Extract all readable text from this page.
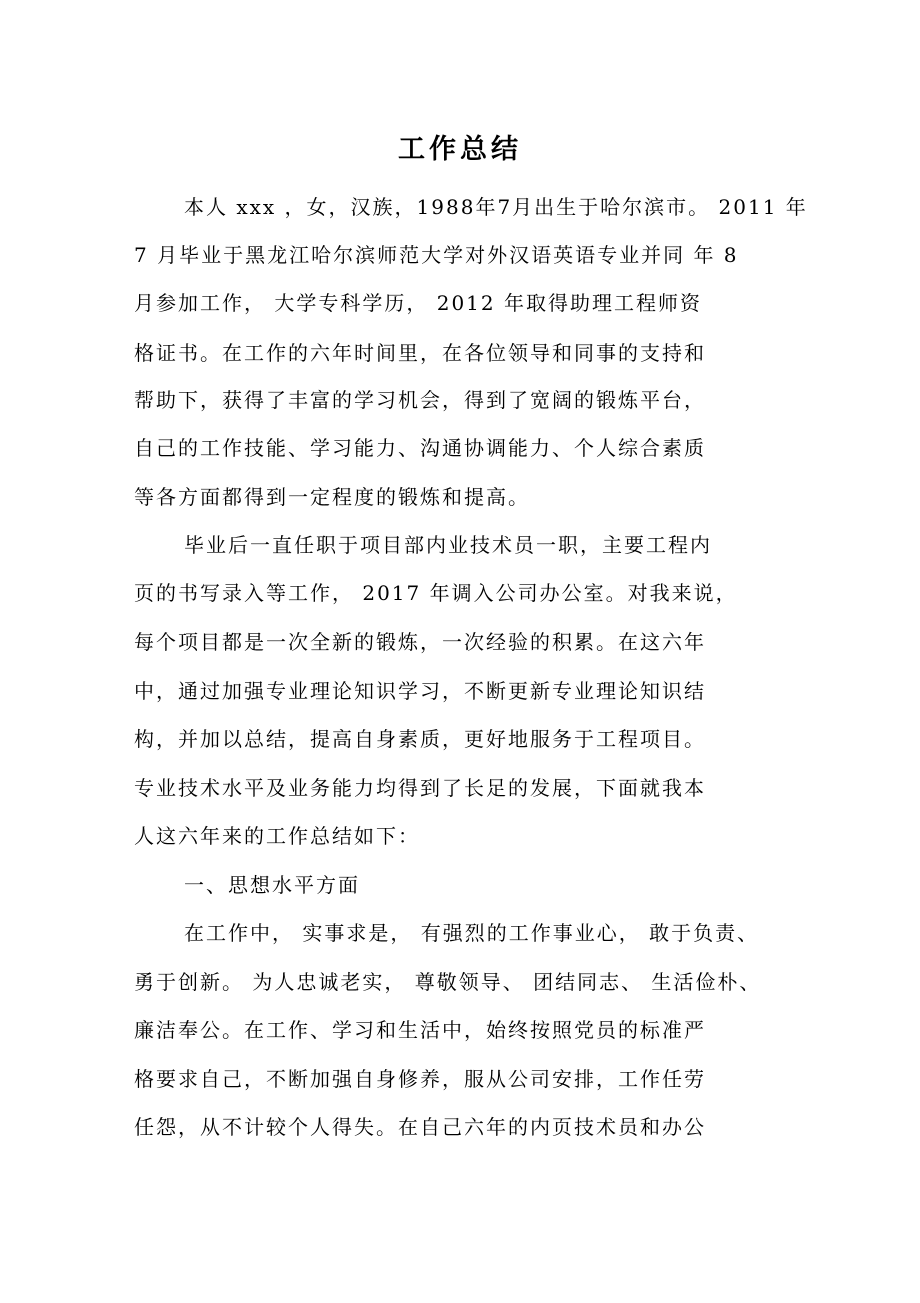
工作总结
本人 xxx ，女，汉族，1988年7月出生于哈尔滨市。 2011 年
7 月毕业于黑龙江哈尔滨师范大学对外汉语英语专业并同 年 8
月参加工作， 大学专科学历， 2012 年取得助理工程师资
格证书。在工作的六年时间里，在各位领导和同事的支持和
帮助下，获得了丰富的学习机会，得到了宽阔的锻炼平台，
自己的工作技能、学习能力、沟通协调能力、个人综合素质
等各方面都得到一定程度的锻炼和提高。
毕业后一直任职于项目部内业技术员一职，主要工程内
页的书写录入等工作， 2017 年调入公司办公室。对我来说，
每个项目都是一次全新的锻炼，一次经验的积累。在这六年
中，通过加强专业理论知识学习，不断更新专业理论知识结
构，并加以总结，提高自身素质，更好地服务于工程项目。
专业技术水平及业务能力均得到了长足的发展，下面就我本
人这六年来的工作总结如下：
一、思想水平方面
在工作中， 实事求是， 有强烈的工作事业心， 敢于负责、
勇于创新。 为人忠诚老实， 尊敬领导、 团结同志、 生活俭朴、
廉洁奉公。在工作、学习和生活中，始终按照党员的标准严
格要求自己，不断加强自身修养，服从公司安排，工作任劳
任怨，从不计较个人得失。在自己六年的内页技术员和办公
